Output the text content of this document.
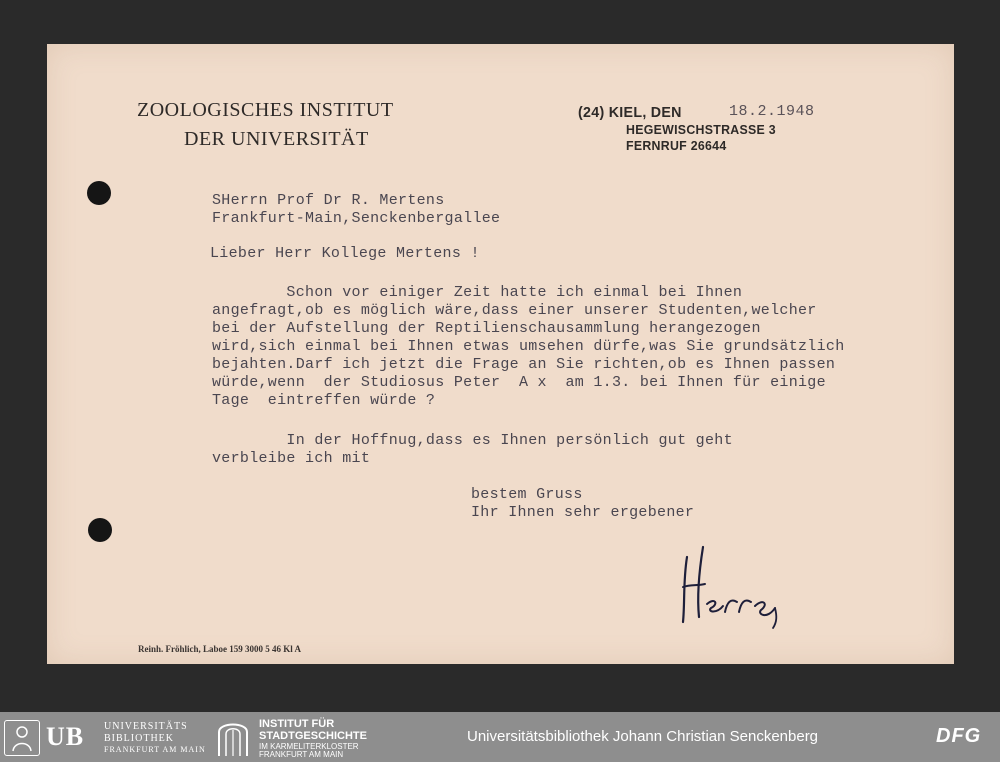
ZOOLOGISCHES INSTITUT
DER UNIVERSITÄT
(24) KIEL, DEN	18.2.1948
HEGEWISCHSTRASSE 3
FERNRUF 26644
SHerrn Prof Dr R. Mertens
Frankfurt-Main,Senckenbergallee
Lieber Herr Kollege Mertens !
Schon vor einiger Zeit hatte ich einmal bei Ihnen
angefragt,ob es möglich wäre,dass einer unserer Studenten,welcher
bei der Aufstellung der Reptilienschausammlung herangezogen
wird,sich einmal bei Ihnen etwas umsehen dürfe,was Sie grundsätzlich
bejahten.Darf ich jetzt die Frage an Sie richten,ob es Ihnen passen
würde,wenn  der Studiosus Peter  A x  am 1.3. bei Ihnen für einige
Tage  eintreffen würde ?
In der Hoffnug,dass es Ihnen persönlich gut geht
verbleibe ich mit
bestem Gruss
Ihr Ihnen sehr ergebener
Reinh. Fröhlich, Laboe 159 3000 5 46 Kl A
UB UNIVERSITÄTS
BIBLIOTHEK
FRANKFURT AM MAIN
INSTITUT FÜR
STADTGESCHICHTE
IM KARMELITERKLOSTER
FRANKFURT AM MAIN
Universitätsbibliothek Johann Christian Senckenberg	DFG
